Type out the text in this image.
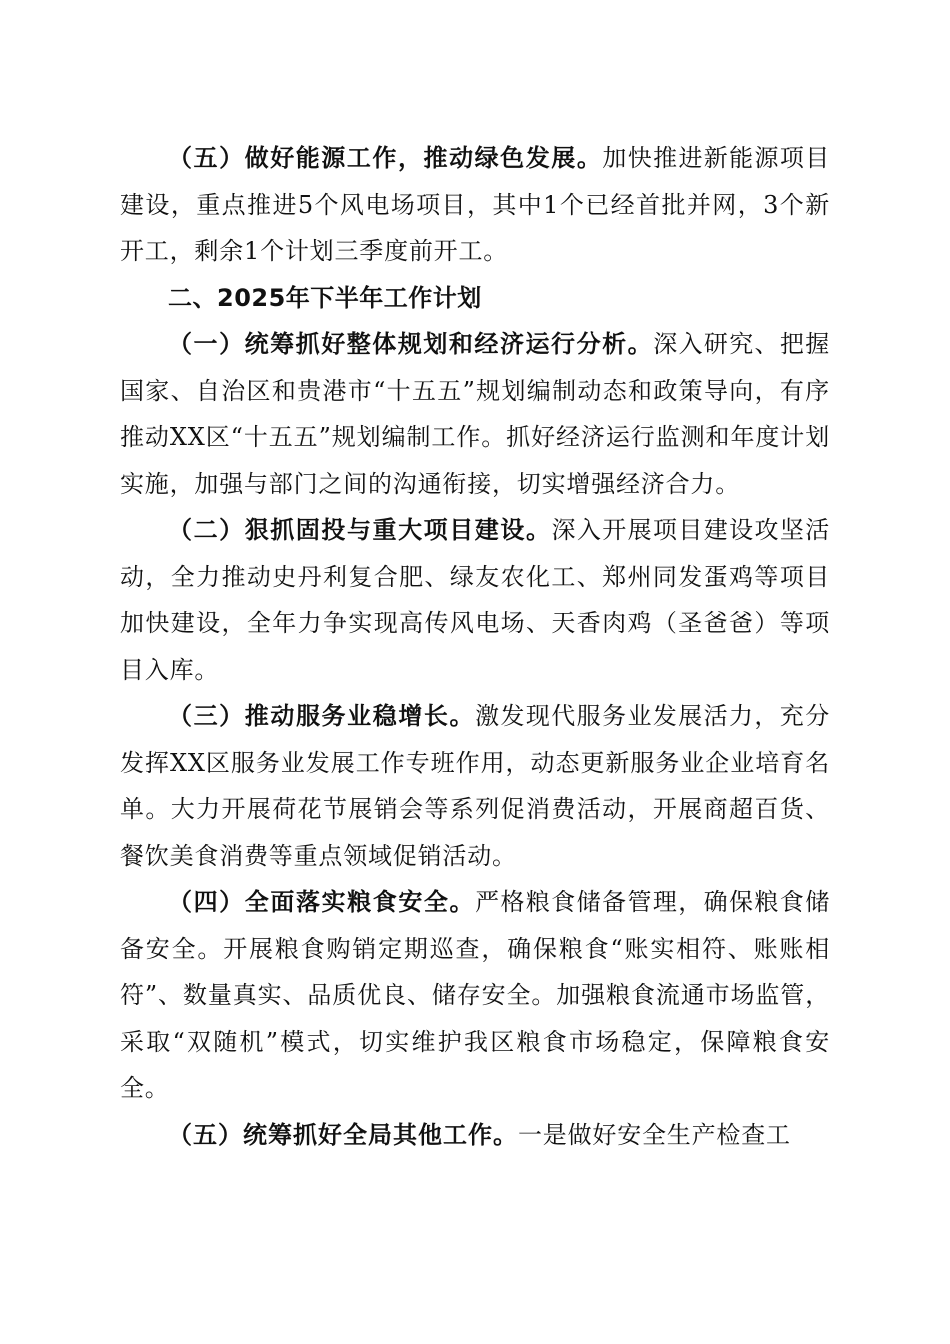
（五）做好能源工作，推动绿色发展。加快推进新能源项目建设，重点推进5个风电场项目，其中1个已经首批并网，3个新开工，剩余1个计划三季度前开工。

二、2025年下半年工作计划

（一）统筹抓好整体规划和经济运行分析。深入研究、把握国家、自治区和贵港市“十五五”规划编制动态和政策导向，有序推动XX区“十五五”规划编制工作。抓好经济运行监测和年度计划实施，加强与部门之间的沟通衔接，切实增强经济合力。

（二）狠抓固投与重大项目建设。深入开展项目建设攻坚活动，全力推动史丹利复合肥、绿友农化工、郑州同发蛋鸡等项目加快建设，全年力争实现高传风电场、天香肉鸡（圣爸爸）等项目入库。

（三）推动服务业稳增长。激发现代服务业发展活力，充分发挥XX区服务业发展工作专班作用，动态更新服务业企业培育名单。大力开展荷花节展销会等系列促消费活动，开展商超百货、餐饮美食消费等重点领域促销活动。

（四）全面落实粮食安全。严格粮食储备管理，确保粮食储备安全。开展粮食购销定期巡查，确保粮食“账实相符、账账相符”、数量真实、品质优良、储存安全。加强粮食流通市场监管，采取“双随机”模式，切实维护我区粮食市场稳定，保障粮食安全。

（五）统筹抓好全局其他工作。一是做好安全生产检查工
